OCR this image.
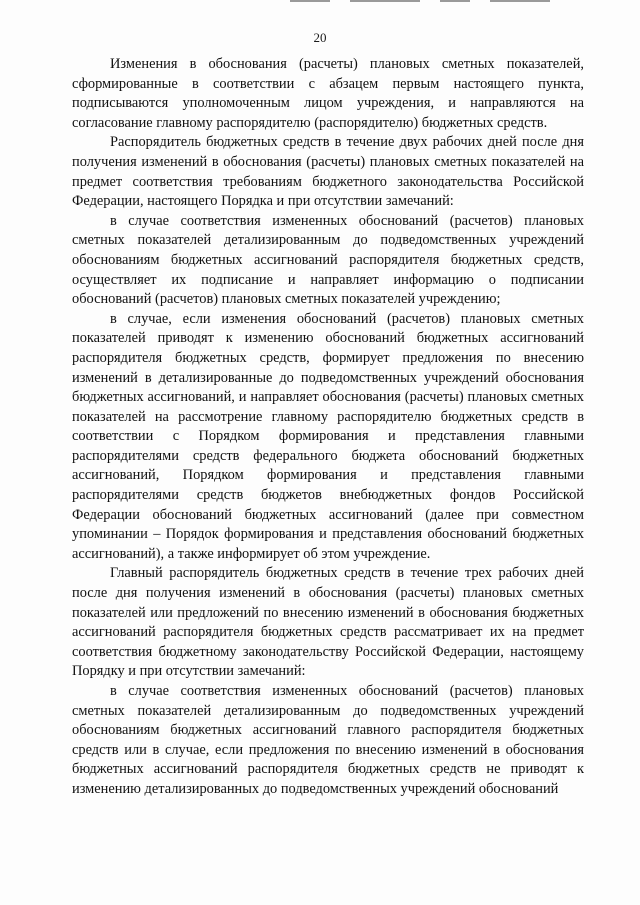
20

Изменения в обоснования (расчеты) плановых сметных показателей, сформированные в соответствии с абзацем первым настоящего пункта, подписываются уполномоченным лицом учреждения, и направляются на согласование главному распорядителю (распорядителю) бюджетных средств.

Распорядитель бюджетных средств в течение двух рабочих дней после дня получения изменений в обоснования (расчеты) плановых сметных показателей на предмет соответствия требованиям бюджетного законодательства Российской Федерации, настоящего Порядка и при отсутствии замечаний:

в случае соответствия измененных обоснований (расчетов) плановых сметных показателей детализированным до подведомственных учреждений обоснованиям бюджетных ассигнований распорядителя бюджетных средств, осуществляет их подписание и направляет информацию о подписании обоснований (расчетов) плановых сметных показателей учреждению;

в случае, если изменения обоснований (расчетов) плановых сметных показателей приводят к изменению обоснований бюджетных ассигнований распорядителя бюджетных средств, формирует предложения по внесению изменений в детализированные до подведомственных учреждений обоснования бюджетных ассигнований, и направляет обоснования (расчеты) плановых сметных показателей на рассмотрение главному распорядителю бюджетных средств в соответствии с Порядком формирования и представления главными распорядителями средств федерального бюджета обоснований бюджетных ассигнований, Порядком формирования и представления главными распорядителями средств бюджетов внебюджетных фондов Российской Федерации обоснований бюджетных ассигнований (далее при совместном упоминании – Порядок формирования и представления обоснований бюджетных ассигнований), а также информирует об этом учреждение.

Главный распорядитель бюджетных средств в течение трех рабочих дней после дня получения изменений в обоснования (расчеты) плановых сметных показателей или предложений по внесению изменений в обоснования бюджетных ассигнований распорядителя бюджетных средств рассматривает их на предмет соответствия бюджетному законодательству Российской Федерации, настоящему Порядку и при отсутствии замечаний:

в случае соответствия измененных обоснований (расчетов) плановых сметных показателей детализированным до подведомственных учреждений обоснованиям бюджетных ассигнований главного распорядителя бюджетных средств или в случае, если предложения по внесению изменений в обоснования бюджетных ассигнований распорядителя бюджетных средств не приводят к изменению детализированных до подведомственных учреждений обоснований
